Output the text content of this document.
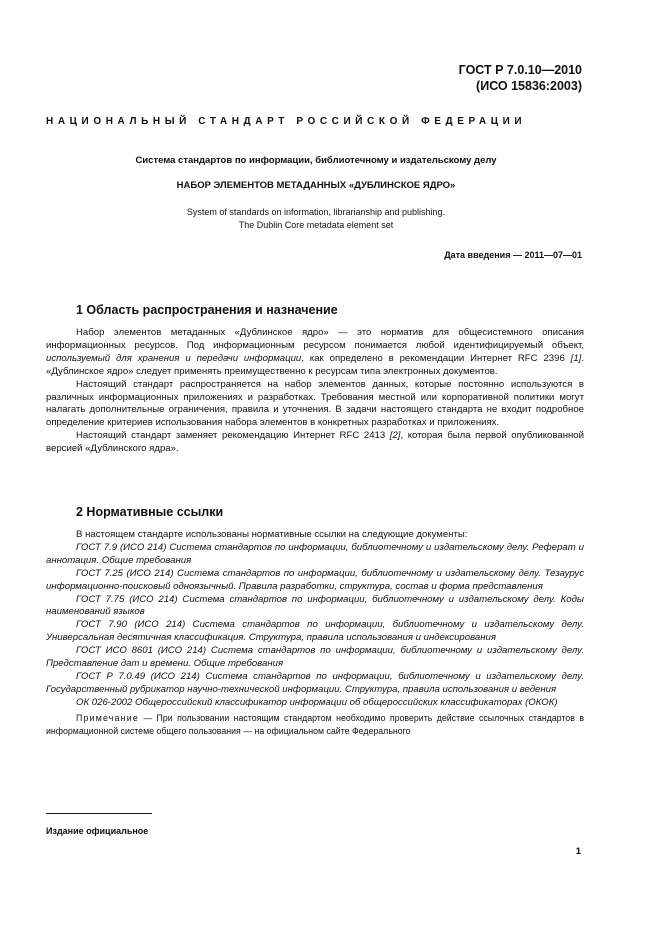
ГОСТ Р 7.0.10—2010
(ИСО 15836:2003)
НАЦИОНАЛЬНЫЙ СТАНДАРТ РОССИЙСКОЙ ФЕДЕРАЦИИ
Система стандартов по информации, библиотечному и издательскому делу
НАБОР ЭЛЕМЕНТОВ МЕТАДАННЫХ «ДУБЛИНСКОЕ ЯДРО»
System of standards on information, librarianship and publishing.
The Dublin Core metadata element set
Дата введения — 2011—07—01
1 Область распространения и назначение

Набор элементов метаданных «Дублинское ядро» — это норматив для общесистемного описания информационных ресурсов. Под информационным ресурсом понимается любой идентифицируемый объект, используемый для хранения и передачи информации, как определено в рекомендации Интернет RFC 2396 [1]. «Дублинское ядро» следует применять преимущественно к ресурсам типа электронных документов.

Настоящий стандарт распространяется на набор элементов данных, которые постоянно используются в различных информационных приложениях и разработках. Требования местной или корпоративной политики могут налагать дополнительные ограничения, правила и уточнения. В задачи настоящего стандарта не входит подробное определение критериев использования набора элементов в конкретных разработках и приложениях.

Настоящий стандарт заменяет рекомендацию Интернет RFC 2413 [2], которая была первой опубликованной версией «Дублинского ядра».

2 Нормативные ссылки

В настоящем стандарте использованы нормативные ссылки на следующие документы:

ГОСТ 7.9 (ИСО 214) Система стандартов по информации, библиотечному и издательскому делу. Реферат и аннотация. Общие требования

ГОСТ 7.25 (ИСО 214) Система стандартов по информации, библиотечному и издательскому делу. Тезаурус информационно-поисковый одноязычный. Правила разработки, структура, состав и форма представления

ГОСТ 7.75 (ИСО 214) Система стандартов по информации, библиотечному и издательскому делу. Коды наименований языков

ГОСТ 7.90 (ИСО 214) Система стандартов по информации, библиотечному и издательскому делу. Универсальная десятичная классификация. Структура, правила использования и индексирования

ГОСТ ИСО 8601 (ИСО 214) Система стандартов по информации, библиотечному и издательскому делу. Представление дат и времени. Общие требования

ГОСТ Р 7.0.49 (ИСО 214) Система стандартов по информации, библиотечному и издательскому делу. Государственный рубрикатор научно-технической информации. Структура, правила использования и ведения

ОК 026-2002 Общероссийский классификатор информации об общероссийских классификаторах (ОКОК)

Примечание — При пользовании настоящим стандартом необходимо проверить действие ссылочных стандартов в информационной системе общего пользования — на официальном сайте Федерального

Издание официальное
1
